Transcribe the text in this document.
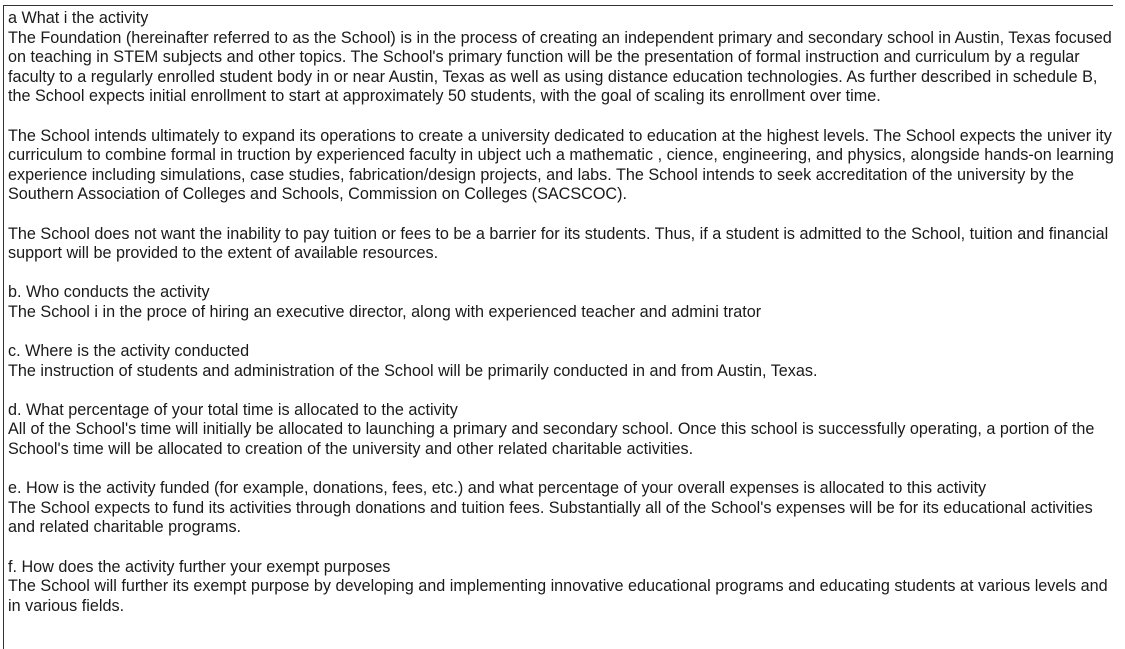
a What i the activity

The Foundation (hereinafter referred to as the School) is in the process of creating an independent primary and secondary school in Austin, Texas focused on teaching in STEM subjects and other topics. The School's primary function will be the presentation of formal instruction and curriculum by a regular faculty to a regularly enrolled student body in or near Austin, Texas as well as using distance education technologies. As further described in schedule B, the School expects initial enrollment to start at approximately 50 students, with the goal of scaling its enrollment over time.

The School intends ultimately to expand its operations to create a university dedicated to education at the highest levels. The School expects the univer ity curriculum to combine formal in truction by experienced faculty in ubject uch a mathematic , cience, engineering, and physics, alongside hands-on learning experience including simulations, case studies, fabrication/design projects, and labs. The School intends to seek accreditation of the university by the Southern Association of Colleges and Schools, Commission on Colleges (SACSCOC).

The School does not want the inability to pay tuition or fees to be a barrier for its students. Thus, if a student is admitted to the School, tuition and financial support will be provided to the extent of available resources.

b. Who conducts the activity

The School i in the proce of hiring an executive director, along with experienced teacher and admini trator

c. Where is the activity conducted

The instruction of students and administration of the School will be primarily conducted in and from Austin, Texas.

d. What percentage of your total time is allocated to the activity

All of the School's time will initially be allocated to launching a primary and secondary school. Once this school is successfully operating, a portion of the School's time will be allocated to creation of the university and other related charitable activities.

e. How is the activity funded (for example, donations, fees, etc.) and what percentage of your overall expenses is allocated to this activity

The School expects to fund its activities through donations and tuition fees. Substantially all of the School's expenses will be for its educational activities and related charitable programs.

f. How does the activity further your exempt purposes

The School will further its exempt purpose by developing and implementing innovative educational programs and educating students at various levels and in various fields.
